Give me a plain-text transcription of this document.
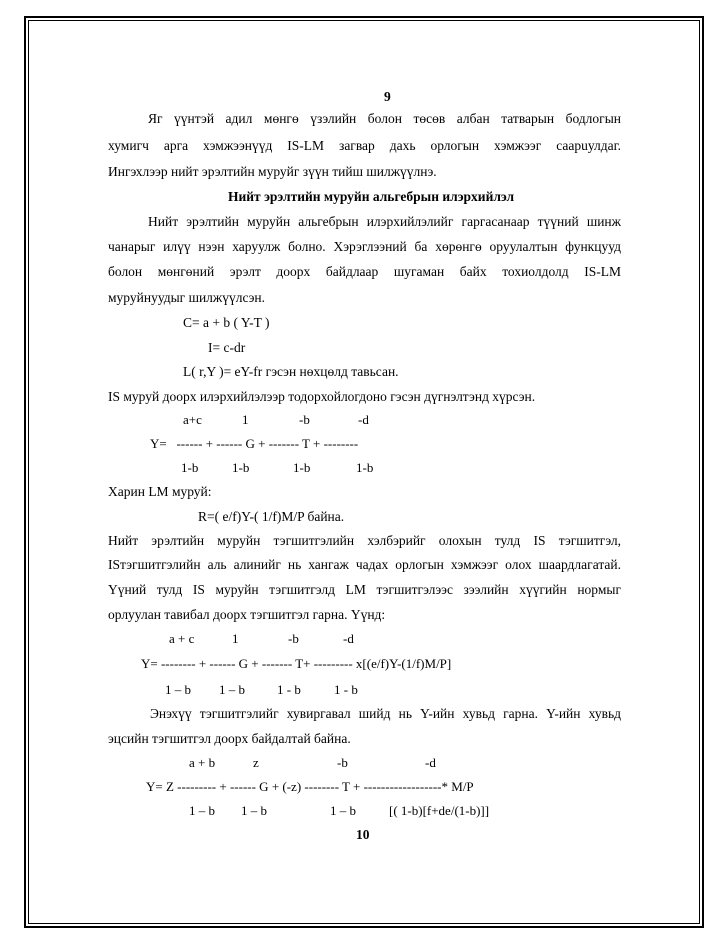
9
Яг үүнтэй адил мөнгө үзэлийн болон төсөв албан татварын бодлогын
хумигч арга хэмжээнүүд IS-LM загвар дахь орлогын хэмжээг саарuулдаг.
Ингэхлээр нийт эрэлтийн муруйг зүүн тийш шилжүүлнэ.
Нийт эрэлтийн муруйн альгебрын илэрхийлэл
Нийт эрэлтийн муруйн альгебрын илэрхийлэлийг гаргасанаар түүний шинж
чанарыг илүү нээн харуулж болно. Хэрэглээний ба хөрөнгө оруулалтын функцууд
болон мөнгөний эрэлт доорх байдлаар шугаман байх тохиолдолд IS-LM
муруйнуудыг шилжүүлсэн.
C= a + b ( Y-T )
I= c-dr
L( r,Y )= eY-fr гэсэн нөхцөлд тавьсан.
IS муруй доорх илэрхийлэлээр тодорхойлогдоно гэсэн дүгнэлтэнд хүрсэн.
a+c	1	-b	-d
Y=   ------ + ------ G + ------- T + --------
1-b	1-b	1-b	1-b
Харин LM муруй:
R=( e/f)Y-( 1/f)M/P байна.
Нийт эрэлтийн муруйн тэгшитгэлийн хэлбэрийг олохын тулд IS тэгшитгэл,
ISтэгшитгэлийн аль алинийг нь хангаж чадах орлогын хэмжээг олох шаардлагатай.
Үүний тулд IS муруйн тэгшитгэлд LM тэгшитгэлээс зээлийн хүүгийн нормыг
орлуулан тавибал доорх тэгшитгэл гарна. Үүнд:
a + c	1	-b	-d
Y= -------- + ------ G + ------- T+ --------- x[(e/f)Y-(1/f)M/P]
1 – b 1 – b 1 - b	1 - b
Энэхүү тэгшитгэлийг хувиргавал шийд нь Y-ийн хувьд гарна. Y-ийн хувьд
эцсийн тэгшитгэл доорх байдалтай байна.
a + b	z	-b	-d
Y= Z --------- + ------ G + (-z) -------- T + ------------------* M/P
1 – b 1 – b	1 – b	[( 1-b)[f+de/(1-b)]]
10
